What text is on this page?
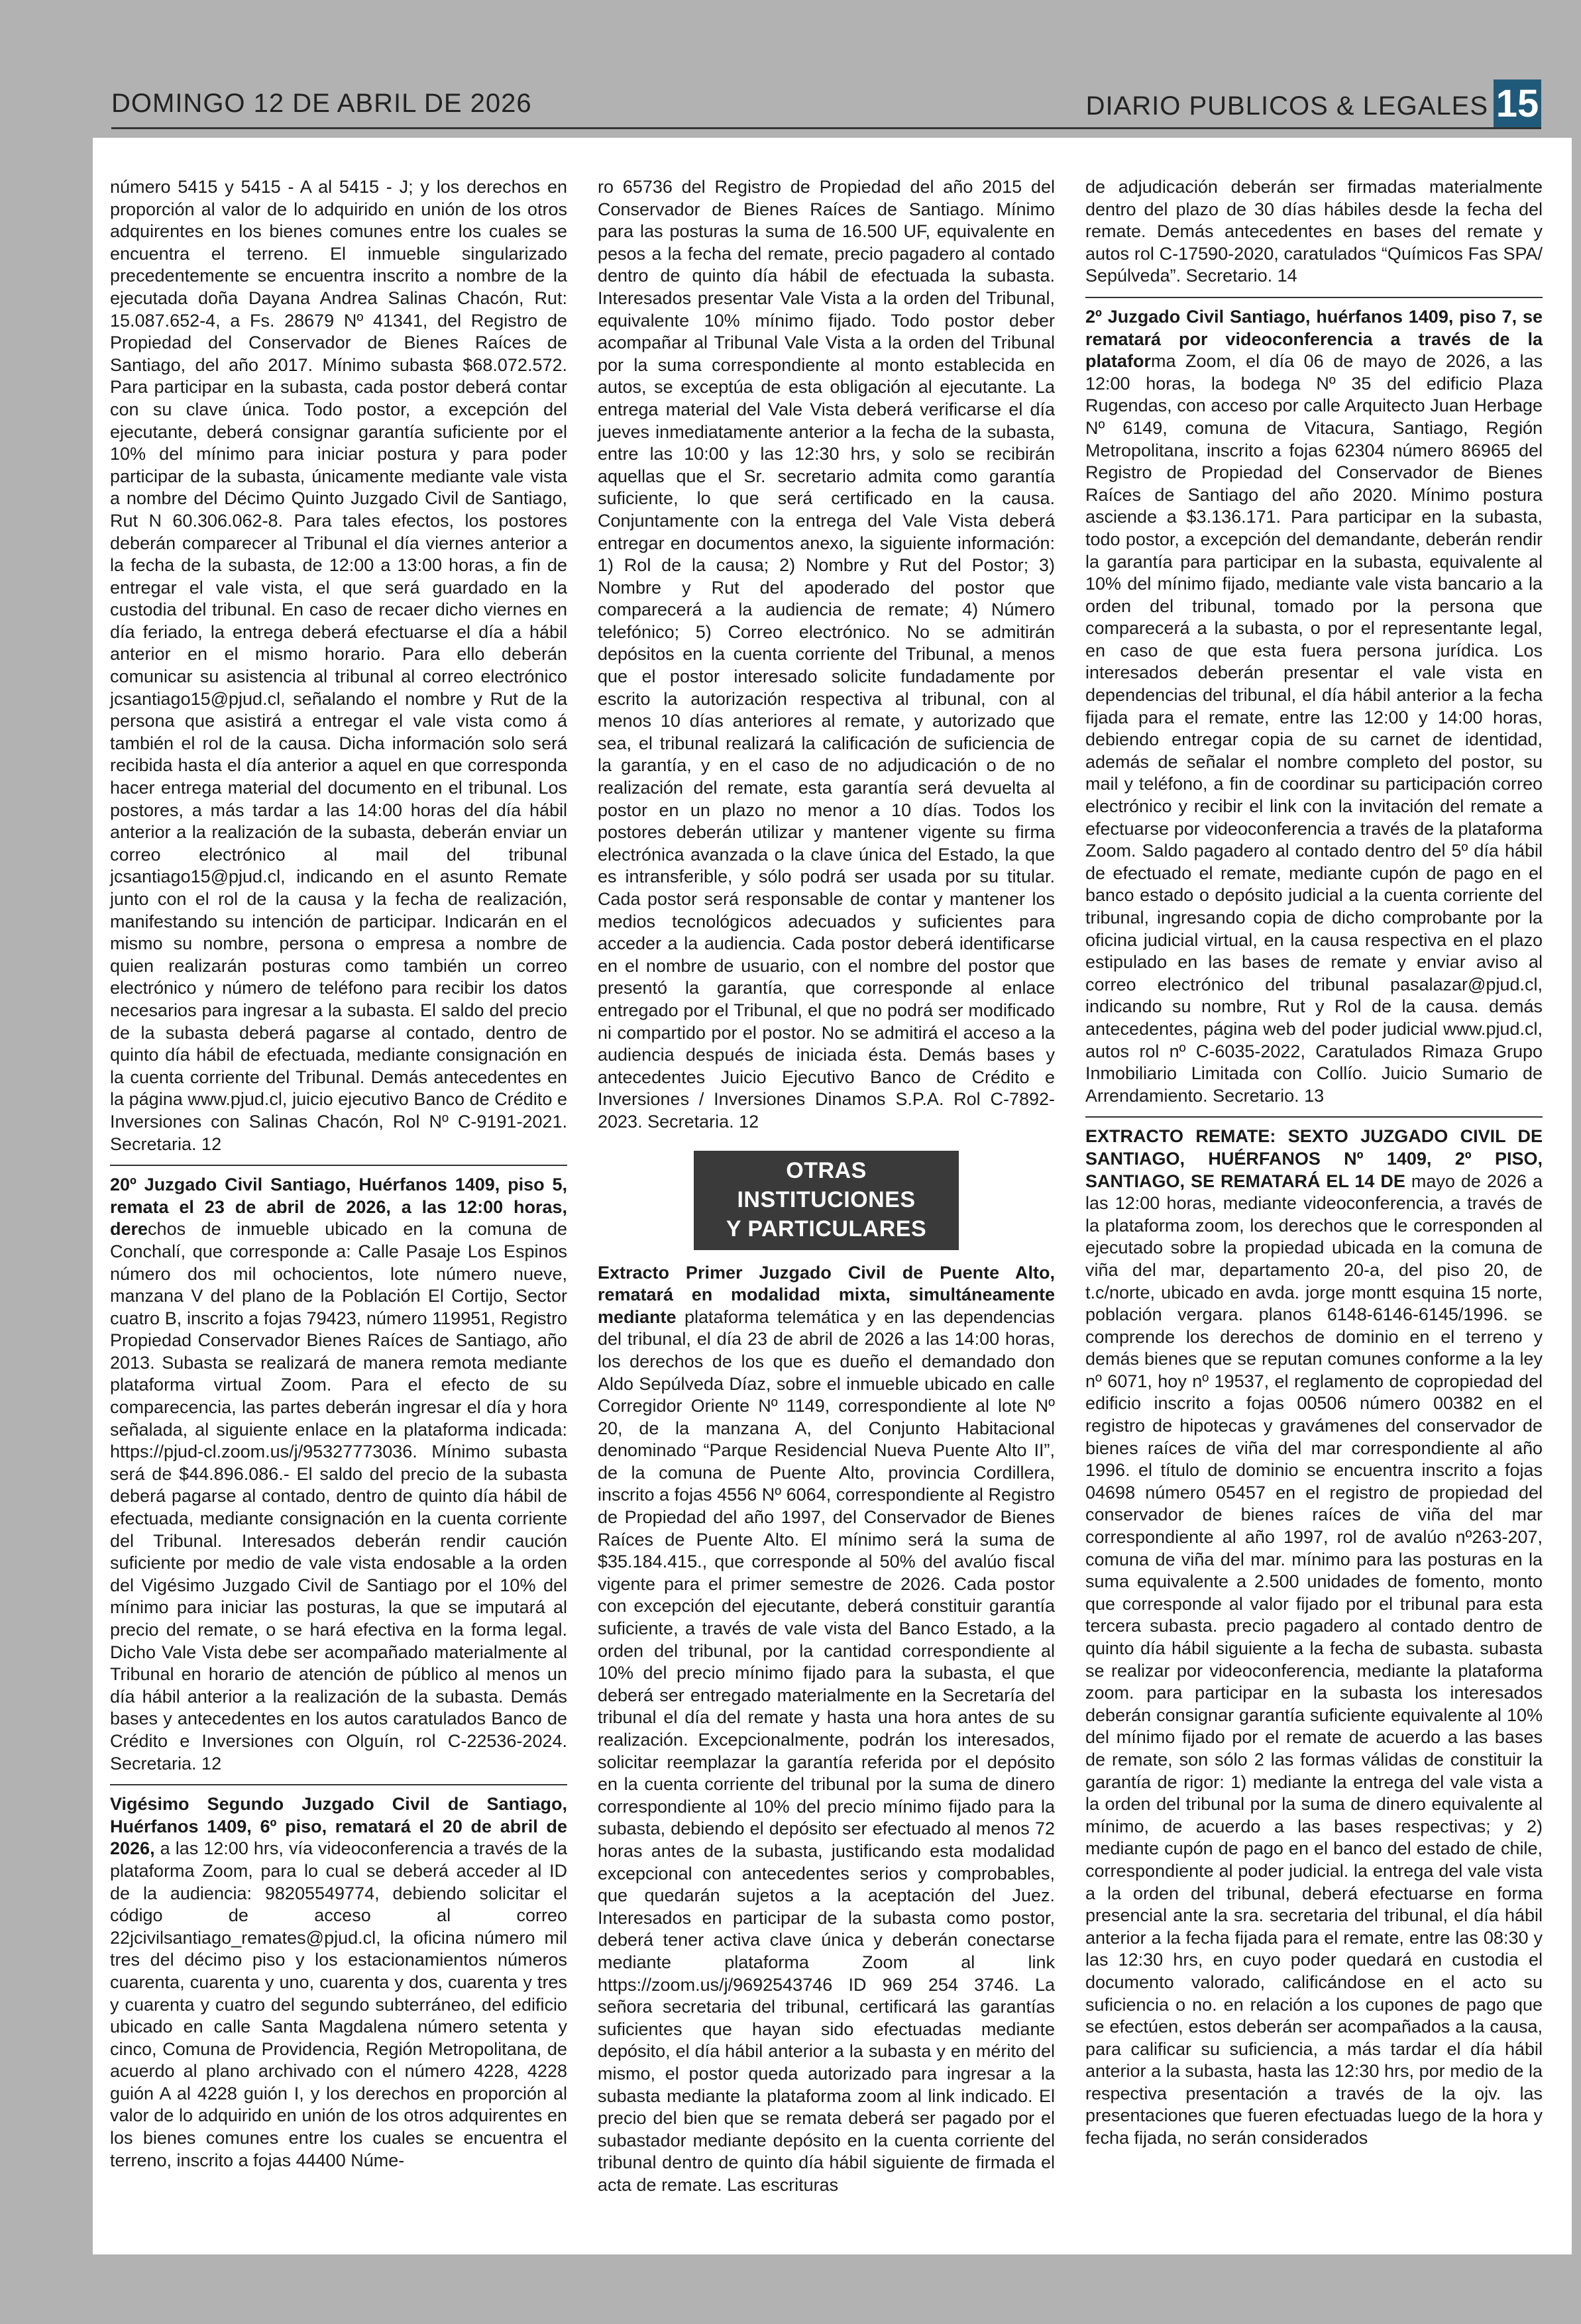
DOMINGO 12 DE ABRIL DE 2026	DIARIO PUBLICOS & LEGALES 15

número 5415 y 5415 - A al 5415 - J; y los derechos en proporción al valor de lo adquirido en unión de los otros adquirentes en los bienes comunes entre los cuales se encuentra el terreno. El inmueble singularizado precedentemente se encuentra inscrito a nombre de la ejecutada doña Dayana Andrea Salinas Chacón, Rut: 15.087.652-4, a Fs. 28679 Nº 41341, del Registro de Propiedad del Conservador de Bienes Raíces de Santiago, del año 2017. Mínimo subasta $68.072.572. Para participar en la subasta, cada postor deberá contar con su clave única. Todo postor, a excepción del ejecutante, deberá consignar garantía suficiente por el 10% del mínimo para iniciar postura y para poder participar de la subasta, únicamente mediante vale vista a nombre del Décimo Quinto Juzgado Civil de Santiago, Rut N 60.306.062-8. Para tales efectos, los postores deberán comparecer al Tribunal el día viernes anterior a la fecha de la subasta, de 12:00 a 13:00 horas, a fin de entregar el vale vista, el que será guardado en la custodia del tribunal. En caso de recaer dicho viernes en día feriado, la entrega deberá efectuarse el día a hábil anterior en el mismo horario. Para ello deberán comunicar su asistencia al tribunal al correo electrónico jcsantiago15@pjud.cl, señalando el nombre y Rut de la persona que asistirá a entregar el vale vista como á también el rol de la causa. Dicha información solo será recibida hasta el día anterior a aquel en que corresponda hacer entrega material del documento en el tribunal. Los postores, a más tardar a las 14:00 horas del día hábil anterior a la realización de la subasta, deberán enviar un correo electrónico al mail del tribunal jcsantiago15@pjud.cl, indicando en el asunto Remate junto con el rol de la causa y la fecha de realización, manifestando su intención de participar. Indicarán en el mismo su nombre, persona o empresa a nombre de quien realizarán posturas como también un correo electrónico y número de teléfono para recibir los datos necesarios para ingresar a la subasta. El saldo del precio de la subasta deberá pagarse al contado, dentro de quinto día hábil de efectuada, mediante consignación en la cuenta corriente del Tribunal. Demás antecedentes en la página www.pjud.cl, juicio ejecutivo Banco de Crédito e Inversiones con Salinas Chacón, Rol Nº C-9191-2021. Secretaria. 12

20º Juzgado Civil Santiago, Huérfanos 1409, piso 5, remata el 23 de abril de 2026, a las 12:00 horas, derechos de inmueble ubicado en la comuna de Conchalí, que corresponde a: Calle Pasaje Los Espinos número dos mil ochocientos, lote número nueve, manzana V del plano de la Población El Cortijo, Sector cuatro B, inscrito a fojas 79423, número 119951, Registro Propiedad Conservador Bienes Raíces de Santiago, año 2013. Subasta se realizará de manera remota mediante plataforma virtual Zoom. Para el efecto de su comparecencia, las partes deberán ingresar el día y hora señalada, al siguiente enlace en la plataforma indicada: https://pjud-cl.zoom.us/j/95327773036. Mínimo subasta será de $44.896.086.- El saldo del precio de la subasta deberá pagarse al contado, dentro de quinto día hábil de efectuada, mediante consignación en la cuenta corriente del Tribunal. Interesados deberán rendir caución suficiente por medio de vale vista endosable a la orden del Vigésimo Juzgado Civil de Santiago por el 10% del mínimo para iniciar las posturas, la que se imputará al precio del remate, o se hará efectiva en la forma legal. Dicho Vale Vista debe ser acompañado materialmente al Tribunal en horario de atención de público al menos un día hábil anterior a la realización de la subasta. Demás bases y antecedentes en los autos caratulados Banco de Crédito e Inversiones con Olguín, rol C-22536-2024. Secretaria. 12

Vigésimo Segundo Juzgado Civil de Santiago, Huérfanos 1409, 6º piso, rematará el 20 de abril de 2026, a las 12:00 hrs, vía videoconferencia a través de la plataforma Zoom, para lo cual se deberá acceder al ID de la audiencia: 98205549774, debiendo solicitar el código de acceso al correo 22jcivilsantiago_remates@pjud.cl, la oficina número mil tres del décimo piso y los estacionamientos números cuarenta, cuarenta y uno, cuarenta y dos, cuarenta y tres y cuarenta y cuatro del segundo subterráneo, del edificio ubicado en calle Santa Magdalena número setenta y cinco, Comuna de Providencia, Región Metropolitana, de acuerdo al plano archivado con el número 4228, 4228 guión A al 4228 guión I, y los derechos en proporción al valor de lo adquirido en unión de los otros adquirentes en los bienes comunes entre los cuales se encuentra el terreno, inscrito a fojas 44400 Núme-

ro 65736 del Registro de Propiedad del año 2015 del Conservador de Bienes Raíces de Santiago. Mínimo para las posturas la suma de 16.500 UF, equivalente en pesos a la fecha del remate, precio pagadero al contado dentro de quinto día hábil de efectuada la subasta. Interesados presentar Vale Vista a la orden del Tribunal, equivalente 10% mínimo fijado. Todo postor deber acompañar al Tribunal Vale Vista a la orden del Tribunal por la suma correspondiente al monto establecida en autos, se exceptúa de esta obligación al ejecutante. La entrega material del Vale Vista deberá verificarse el día jueves inmediatamente anterior a la fecha de la subasta, entre las 10:00 y las 12:30 hrs, y solo se recibirán aquellas que el Sr. secretario admita como garantía suficiente, lo que será certificado en la causa. Conjuntamente con la entrega del Vale Vista deberá entregar en documentos anexo, la siguiente información: 1) Rol de la causa; 2) Nombre y Rut del Postor; 3) Nombre y Rut del apoderado del postor que comparecerá a la audiencia de remate; 4) Número telefónico; 5) Correo electrónico. No se admitirán depósitos en la cuenta corriente del Tribunal, a menos que el postor interesado solicite fundadamente por escrito la autorización respectiva al tribunal, con al menos 10 días anteriores al remate, y autorizado que sea, el tribunal realizará la calificación de suficiencia de la garantía, y en el caso de no adjudicación o de no realización del remate, esta garantía será devuelta al postor en un plazo no menor a 10 días. Todos los postores deberán utilizar y mantener vigente su firma electrónica avanzada o la clave única del Estado, la que es intransferible, y sólo podrá ser usada por su titular. Cada postor será responsable de contar y mantener los medios tecnológicos adecuados y suficientes para acceder a la audiencia. Cada postor deberá identificarse en el nombre de usuario, con el nombre del postor que presentó la garantía, que corresponde al enlace entregado por el Tribunal, el que no podrá ser modificado ni compartido por el postor. No se admitirá el acceso a la audiencia después de iniciada ésta. Demás bases y antecedentes Juicio Ejecutivo Banco de Crédito e Inversiones / Inversiones Dinamos S.P.A. Rol C-7892-2023. Secretaria. 12

OTRAS INSTITUCIONES
Y PARTICULARES

Extracto Primer Juzgado Civil de Puente Alto, rematará en modalidad mixta, simultáneamente mediante plataforma telemática y en las dependencias del tribunal, el día 23 de abril de 2026 a las 14:00 horas, los derechos de los que es dueño el demandado don Aldo Sepúlveda Díaz, sobre el inmueble ubicado en calle Corregidor Oriente Nº 1149, correspondiente al lote Nº 20, de la manzana A, del Conjunto Habitacional denominado “Parque Residencial Nueva Puente Alto II”, de la comuna de Puente Alto, provincia Cordillera, inscrito a fojas 4556 Nº 6064, correspondiente al Registro de Propiedad del año 1997, del Conservador de Bienes Raíces de Puente Alto. El mínimo será la suma de $35.184.415., que corresponde al 50% del avalúo fiscal vigente para el primer semestre de 2026. Cada postor con excepción del ejecutante, deberá constituir garantía suficiente, a través de vale vista del Banco Estado, a la orden del tribunal, por la cantidad correspondiente al 10% del precio mínimo fijado para la subasta, el que deberá ser entregado materialmente en la Secretaría del tribunal el día del remate y hasta una hora antes de su realización. Excepcionalmente, podrán los interesados, solicitar reemplazar la garantía referida por el depósito en la cuenta corriente del tribunal por la suma de dinero correspondiente al 10% del precio mínimo fijado para la subasta, debiendo el depósito ser efectuado al menos 72 horas antes de la subasta, justificando esta modalidad excepcional con antecedentes serios y comprobables, que quedarán sujetos a la aceptación del Juez. Interesados en participar de la subasta como postor, deberá tener activa clave única y deberán conectarse mediante plataforma Zoom al link https://zoom.us/j/9692543746 ID 969 254 3746. La señora secretaria del tribunal, certificará las garantías suficientes que hayan sido efectuadas mediante depósito, el día hábil anterior a la subasta y en mérito del mismo, el postor queda autorizado para ingresar a la subasta mediante la plataforma zoom al link indicado. El precio del bien que se remata deberá ser pagado por el subastador mediante depósito en la cuenta corriente del tribunal dentro de quinto día hábil siguiente de firmada el acta de remate. Las escrituras

de adjudicación deberán ser firmadas materialmente dentro del plazo de 30 días hábiles desde la fecha del remate. Demás antecedentes en bases del remate y autos rol C-17590-2020, caratulados “Químicos Fas SPA/ Sepúlveda”. Secretario. 14

2º Juzgado Civil Santiago, huérfanos 1409, piso 7, se rematará por videoconferencia a través de la plataforma Zoom, el día 06 de mayo de 2026, a las 12:00 horas, la bodega Nº 35 del edificio Plaza Rugendas, con acceso por calle Arquitecto Juan Herbage Nº 6149, comuna de Vitacura, Santiago, Región Metropolitana, inscrito a fojas 62304 número 86965 del Registro de Propiedad del Conservador de Bienes Raíces de Santiago del año 2020. Mínimo postura asciende a $3.136.171. Para participar en la subasta, todo postor, a excepción del demandante, deberán rendir la garantía para participar en la subasta, equivalente al 10% del mínimo fijado, mediante vale vista bancario a la orden del tribunal, tomado por la persona que comparecerá a la subasta, o por el representante legal, en caso de que esta fuera persona jurídica. Los interesados deberán presentar el vale vista en dependencias del tribunal, el día hábil anterior a la fecha fijada para el remate, entre las 12:00 y 14:00 horas, debiendo entregar copia de su carnet de identidad, además de señalar el nombre completo del postor, su mail y teléfono, a fin de coordinar su participación correo electrónico y recibir el link con la invitación del remate a efectuarse por videoconferencia a través de la plataforma Zoom. Saldo pagadero al contado dentro del 5º día hábil de efectuado el remate, mediante cupón de pago en el banco estado o depósito judicial a la cuenta corriente del tribunal, ingresando copia de dicho comprobante por la oficina judicial virtual, en la causa respectiva en el plazo estipulado en las bases de remate y enviar aviso al correo electrónico del tribunal pasalazar@pjud.cl, indicando su nombre, Rut y Rol de la causa. demás antecedentes, página web del poder judicial www.pjud.cl, autos rol nº C-6035-2022, Caratulados Rimaza Grupo Inmobiliario Limitada con Collío. Juicio Sumario de Arrendamiento. Secretario. 13

EXTRACTO REMATE: SEXTO JUZGADO CIVIL DE SANTIAGO, HUÉRFANOS Nº 1409, 2º PISO, SANTIAGO, SE REMATARÁ EL 14 DE mayo de 2026 a las 12:00 horas, mediante videoconferencia, a través de la plataforma zoom, los derechos que le corresponden al ejecutado sobre la propiedad ubicada en la comuna de viña del mar, departamento 20-a, del piso 20, de t.c/norte, ubicado en avda. jorge montt esquina 15 norte, población vergara. planos 6148-6146-6145/1996. se comprende los derechos de dominio en el terreno y demás bienes que se reputan comunes conforme a la ley nº 6071, hoy nº 19537, el reglamento de copropiedad del edificio inscrito a fojas 00506 número 00382 en el registro de hipotecas y gravámenes del conservador de bienes raíces de viña del mar correspondiente al año 1996. el título de dominio se encuentra inscrito a fojas 04698 número 05457 en el registro de propiedad del conservador de bienes raíces de viña del mar correspondiente al año 1997, rol de avalúo nº263-207, comuna de viña del mar. mínimo para las posturas en la suma equivalente a 2.500 unidades de fomento, monto que corresponde al valor fijado por el tribunal para esta tercera subasta. precio pagadero al contado dentro de quinto día hábil siguiente a la fecha de subasta. subasta se realizar por videoconferencia, mediante la plataforma zoom. para participar en la subasta los interesados deberán consignar garantía suficiente equivalente al 10% del mínimo fijado por el remate de acuerdo a las bases de remate, son sólo 2 las formas válidas de constituir la garantía de rigor: 1) mediante la entrega del vale vista a la orden del tribunal por la suma de dinero equivalente al mínimo, de acuerdo a las bases respectivas; y 2) mediante cupón de pago en el banco del estado de chile, correspondiente al poder judicial. la entrega del vale vista a la orden del tribunal, deberá efectuarse en forma presencial ante la sra. secretaria del tribunal, el día hábil anterior a la fecha fijada para el remate, entre las 08:30 y las 12:30 hrs, en cuyo poder quedará en custodia el documento valorado, calificándose en el acto su suficiencia o no. en relación a los cupones de pago que se efectúen, estos deberán ser acompañados a la causa, para calificar su suficiencia, a más tardar el día hábil anterior a la subasta, hasta las 12:30 hrs, por medio de la respectiva presentación a través de la ojv. las presentaciones que fueren efectuadas luego de la hora y fecha fijada, no serán considerados
